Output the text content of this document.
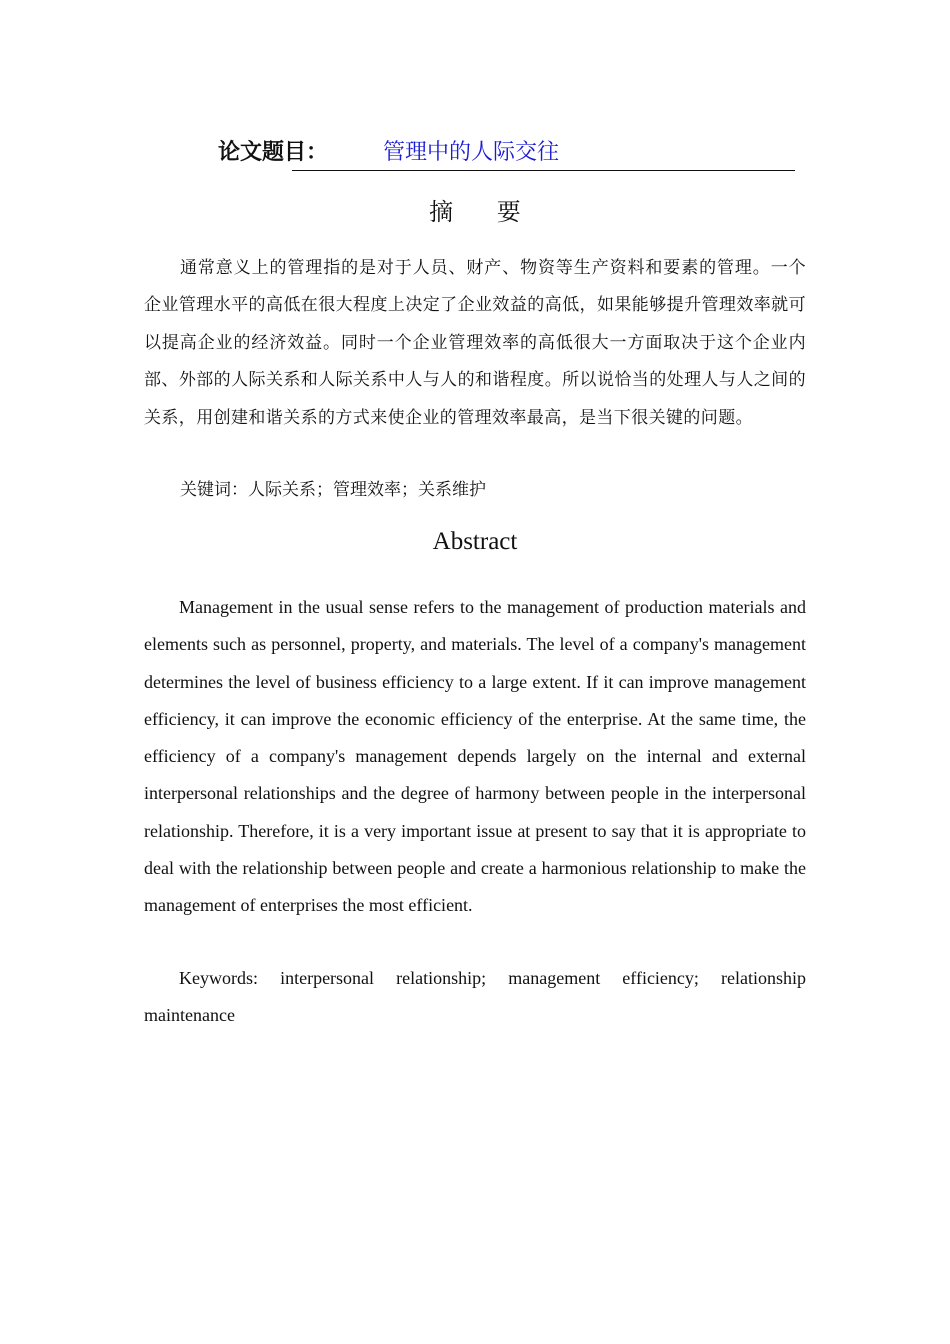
论文题目： 管理中的人际交往
摘 要

通常意义上的管理指的是对于人员、财产、物资等生产资料和要素的管理。一个企业管理水平的高低在很大程度上决定了企业效益的高低，如果能够提升管理效率就可以提高企业的经济效益。同时一个企业管理效率的高低很大一方面取决于这个企业内部、外部的人际关系和人际关系中人与人的和谐程度。所以说恰当的处理人与人之间的关系，用创建和谐关系的方式来使企业的管理效率最高，是当下很关键的问题。

关键词：人际关系；管理效率；关系维护

Abstract

Management in the usual sense refers to the management of production materials and elements such as personnel, property, and materials. The level of a company's management determines the level of business efficiency to a large extent. If it can improve management efficiency, it can improve the economic efficiency of the enterprise. At the same time, the efficiency of a company's management depends largely on the internal and external interpersonal relationships and the degree of harmony between people in the interpersonal relationship. Therefore, it is a very important issue at present to say that it is appropriate to deal with the relationship between people and create a harmonious relationship to make the management of enterprises the most efficient.

Keywords: interpersonal relationship; management efficiency; relationship maintenance
